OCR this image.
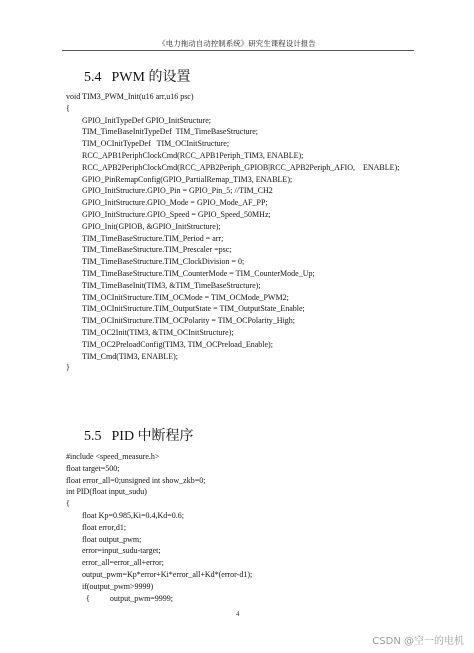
《电力拖动自动控制系统》研究生课程设计报告
5.4 PWM 的设置
void TIM3_PWM_Init(u16 arr,u16 psc)
{
GPIO_InitTypeDef GPIO_InitStructure;
TIM_TimeBaseInitTypeDef  TIM_TimeBaseStructure;
TIM_OCInitTypeDef   TIM_OCInitStructure;
RCC_APB1PeriphClockCmd(RCC_APB1Periph_TIM3, ENABLE);
RCC_APB2PeriphClockCmd(RCC_APB2Periph_GPIOB|RCC_APB2Periph_AFIO,    ENABLE);
GPIO_PinRemapConfig(GPIO_PartialRemap_TIM3, ENABLE);
GPIO_InitStructure.GPIO_Pin = GPIO_Pin_5; //TIM_CH2
GPIO_InitStructure.GPIO_Mode = GPIO_Mode_AF_PP;
GPIO_InitStructure.GPIO_Speed = GPIO_Speed_50MHz;
GPIO_Init(GPIOB, &GPIO_InitStructure);
TIM_TimeBaseStructure.TIM_Period = arr;
TIM_TimeBaseStructure.TIM_Prescaler =psc;
TIM_TimeBaseStructure.TIM_ClockDivision = 0;
TIM_TimeBaseStructure.TIM_CounterMode = TIM_CounterMode_Up;
TIM_TimeBaseInit(TIM3, &TIM_TimeBaseStructure);
TIM_OCInitStructure.TIM_OCMode = TIM_OCMode_PWM2;
TIM_OCInitStructure.TIM_OutputState = TIM_OutputState_Enable;
TIM_OCInitStructure.TIM_OCPolarity = TIM_OCPolarity_High;
TIM_OC2Init(TIM3, &TIM_OCInitStructure);
TIM_OC2PreloadConfig(TIM3, TIM_OCPreload_Enable);
TIM_Cmd(TIM3, ENABLE);
}
5.5 PID 中断程序
#include <speed_measure.h>
float target=500;
float error_all=0;unsigned int show_zkb=0;
int PID(float input_sudu)
{
float Kp=0.985,Ki=0.4,Kd=0.6;
float error,d1;
float output_pwm;
error=input_sudu-target;
error_all=error_all+error;
output_pwm=Kp*error+Ki*error_all+Kd*(error-d1);
if(output_pwm>9999)
{          output_pwm=9999;
4
CSDN @空一的电机
